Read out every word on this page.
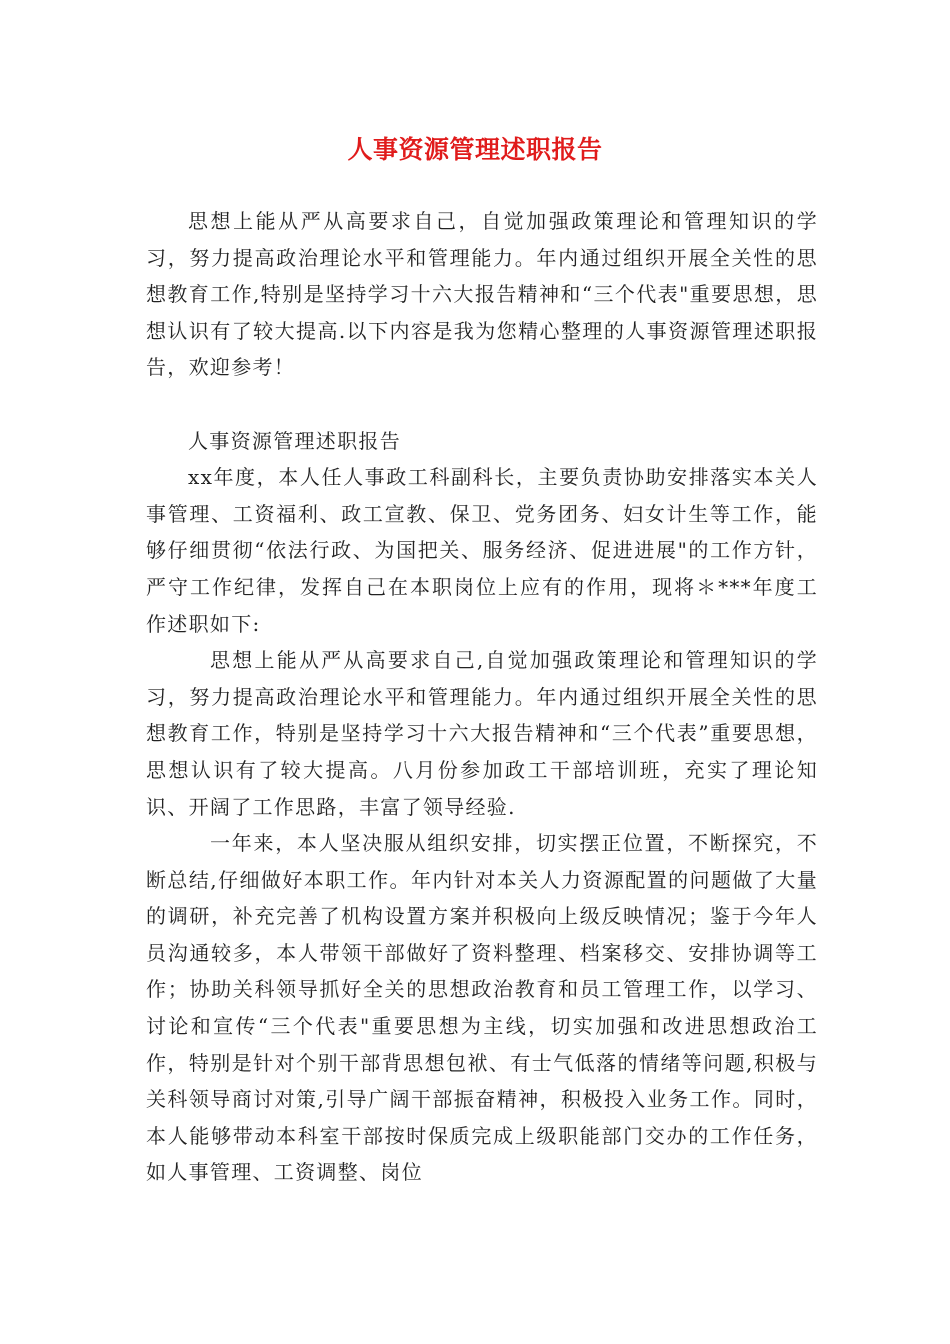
人事资源管理述职报告

思想上能从严从高要求自己，自觉加强政策理论和管理知识的学习，努力提高政治理论水平和管理能力。年内通过组织开展全关性的思想教育工作,特别是坚持学习十六大报告精神和“三个代表"重要思想，思想认识有了较大提高.以下内容是我为您精心整理的人事资源管理述职报告，欢迎参考！

人事资源管理述职报告

xx年度，本人任人事政工科副科长，主要负责协助安排落实本关人事管理、工资福利、政工宣教、保卫、党务团务、妇女计生等工作，能够仔细贯彻“依法行政、为国把关、服务经济、促进进展"的工作方针，严守工作纪律，发挥自己在本职岗位上应有的作用，现将＊***年度工作述职如下:

思想上能从严从高要求自己,自觉加强政策理论和管理知识的学习，努力提高政治理论水平和管理能力。年内通过组织开展全关性的思想教育工作，特别是坚持学习十六大报告精神和“三个代表”重要思想，思想认识有了较大提高。八月份参加政工干部培训班，充实了理论知识、开阔了工作思路，丰富了领导经验.

一年来，本人坚决服从组织安排，切实摆正位置，不断探究，不断总结,仔细做好本职工作。年内针对本关人力资源配置的问题做了大量的调研，补充完善了机构设置方案并积极向上级反映情况；鉴于今年人员沟通较多，本人带领干部做好了资料整理、档案移交、安排协调等工作；协助关科领导抓好全关的思想政治教育和员工管理工作，以学习、讨论和宣传“三个代表"重要思想为主线，切实加强和改进思想政治工作，特别是针对个别干部背思想包袱、有士气低落的情绪等问题,积极与关科领导商讨对策,引导广阔干部振奋精神，积极投入业务工作。同时，本人能够带动本科室干部按时保质完成上级职能部门交办的工作任务，如人事管理、工资调整、岗位
